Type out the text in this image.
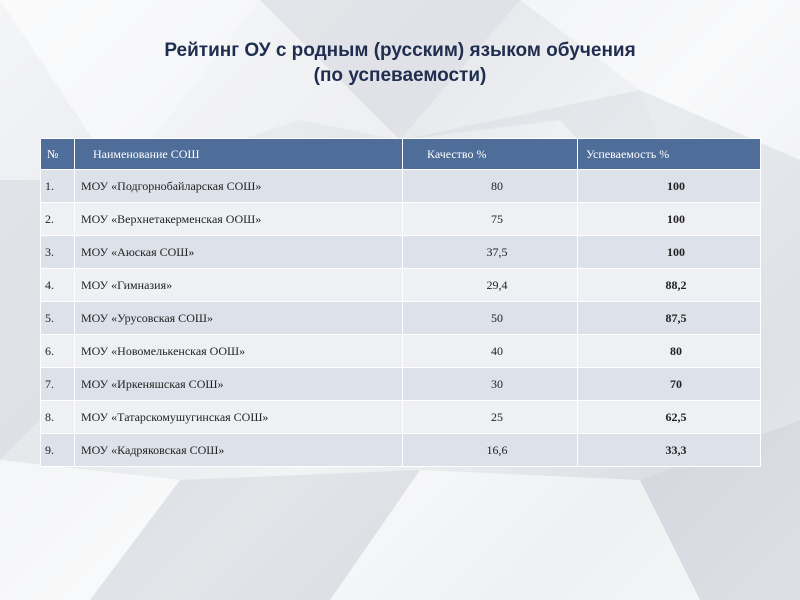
Рейтинг ОУ с родным (русским) языком обучения
(по успеваемости)
№	Наименование СОШ	Качество %	Успеваемость %
1.	МОУ «Подгорнобайларская СОШ»	80	100
2.	МОУ «Верхнетакерменская ООШ»	75	100
3.	МОУ «Аюская СОШ»	37,5	100
4.	МОУ «Гимназия»	29,4	88,2
5.	МОУ «Урусовская СОШ»	50	87,5
6.	МОУ «Новомелькенская ООШ»	40	80
7.	МОУ «Иркеняшская СОШ»	30	70
8.	МОУ «Татарскомушугинская СОШ»	25	62,5
9.	МОУ «Кадряковская СОШ»	16,6	33,3
